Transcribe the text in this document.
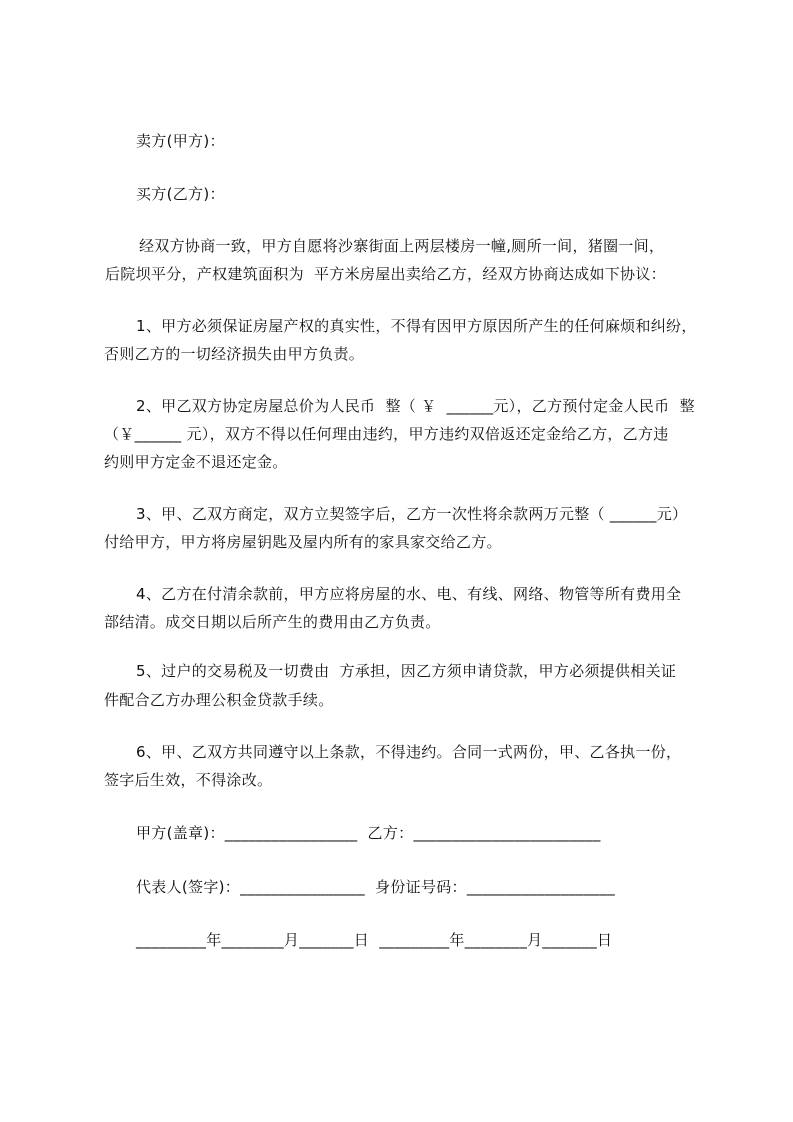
卖方(甲方)：
买方(乙方)：
经双方协商一致，甲方自愿将沙寨街面上两层楼房一幢,厕所一间，猪圈一间，
后院坝平分，产权建筑面积为  平方米房屋出卖给乙方，经双方协商达成如下协议：
1、甲方必须保证房屋产权的真实性，不得有因甲方原因所产生的任何麻烦和纠纷，
否则乙方的一切经济损失由甲方负责。
2、甲乙双方协定房屋总价为人民币  整（ ￥  ______元），乙方预付定金人民币  整
（￥______ 元），双方不得以任何理由违约，甲方违约双倍返还定金给乙方，乙方违
约则甲方定金不退还定金。
3、甲、乙双方商定，双方立契签字后，乙方一次性将余款两万元整（ ______元）
付给甲方，甲方将房屋钥匙及屋内所有的家具家交给乙方。
4、乙方在付清余款前，甲方应将房屋的水、电、有线、网络、物管等所有费用全
部结清。成交日期以后所产生的费用由乙方负责。
5、过户的交易税及一切费由  方承担，因乙方须申请贷款，甲方必须提供相关证
件配合乙方办理公积金贷款手续。
6、甲、乙双方共同遵守以上条款，不得违约。合同一式两份，甲、乙各执一份，
签字后生效，不得涂改。
甲方(盖章)：_________________  乙方：________________________
代表人(签字)：________________  身份证号码：___________________
_________年________月_______日  _________年________月_______日
